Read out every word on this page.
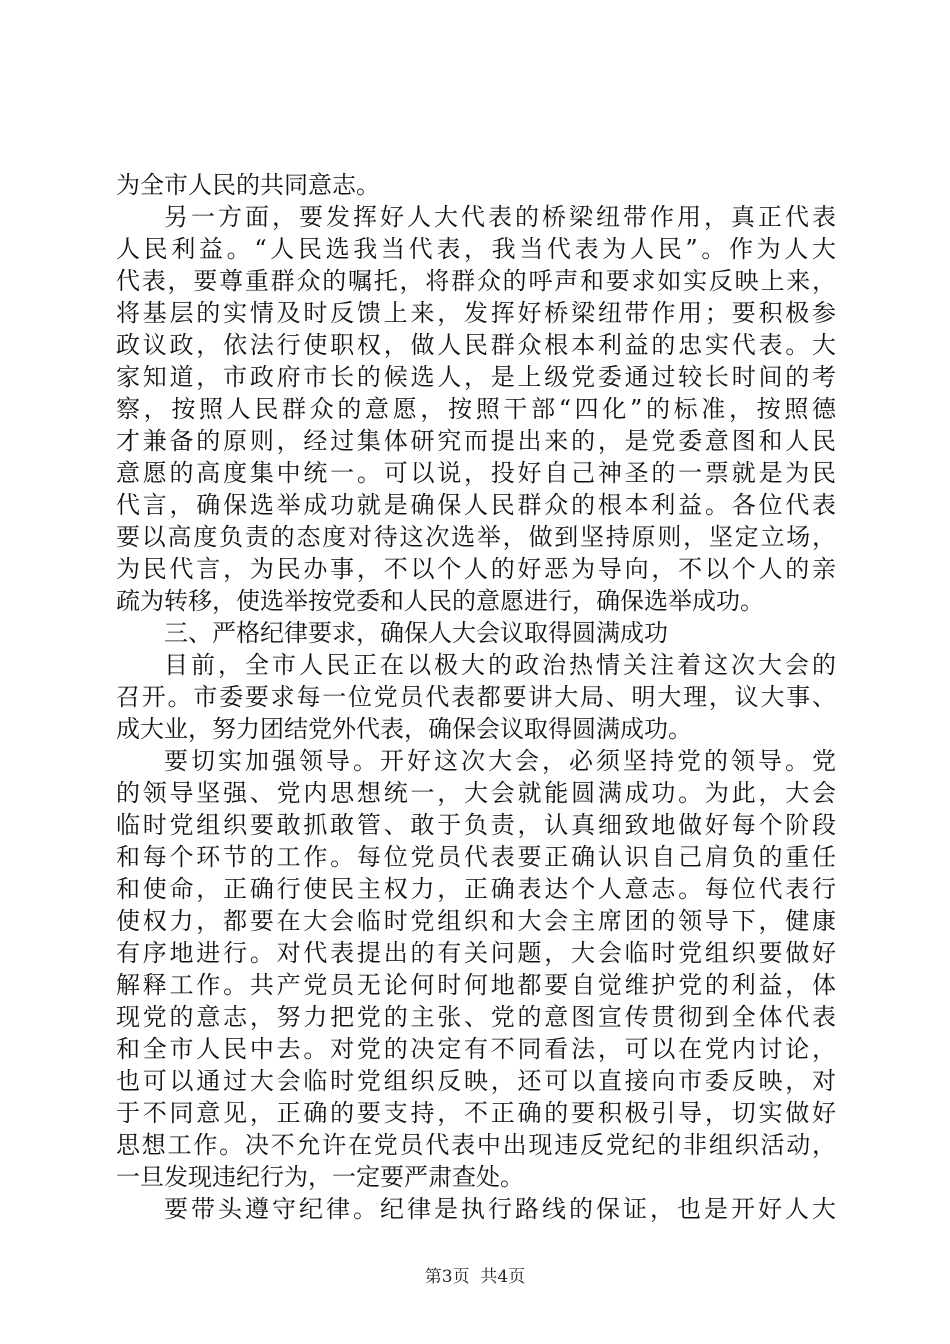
为全市人民的共同意志。
另一方面，要发挥好人大代表的桥梁纽带作用，真正代表
人民利益。“人民选我当代表，我当代表为人民”。作为人大
代表，要尊重群众的嘱托，将群众的呼声和要求如实反映上来，
将基层的实情及时反馈上来，发挥好桥梁纽带作用；要积极参
政议政，依法行使职权，做人民群众根本利益的忠实代表。大
家知道，市政府市长的候选人，是上级党委通过较长时间的考
察，按照人民群众的意愿，按照干部“四化”的标准，按照德
才兼备的原则，经过集体研究而提出来的，是党委意图和人民
意愿的高度集中统一。可以说，投好自己神圣的一票就是为民
代言，确保选举成功就是确保人民群众的根本利益。各位代表
要以高度负责的态度对待这次选举，做到坚持原则，坚定立场，
为民代言，为民办事，不以个人的好恶为导向，不以个人的亲
疏为转移，使选举按党委和人民的意愿进行，确保选举成功。
三、严格纪律要求，确保人大会议取得圆满成功
目前，全市人民正在以极大的政治热情关注着这次大会的
召开。市委要求每一位党员代表都要讲大局、明大理，议大事、
成大业，努力团结党外代表，确保会议取得圆满成功。
要切实加强领导。开好这次大会，必须坚持党的领导。党
的领导坚强、党内思想统一，大会就能圆满成功。为此，大会
临时党组织要敢抓敢管、敢于负责，认真细致地做好每个阶段
和每个环节的工作。每位党员代表要正确认识自己肩负的重任
和使命，正确行使民主权力，正确表达个人意志。每位代表行
使权力，都要在大会临时党组织和大会主席团的领导下，健康
有序地进行。对代表提出的有关问题，大会临时党组织要做好
解释工作。共产党员无论何时何地都要自觉维护党的利益，体
现党的意志，努力把党的主张、党的意图宣传贯彻到全体代表
和全市人民中去。对党的决定有不同看法，可以在党内讨论，
也可以通过大会临时党组织反映，还可以直接向市委反映，对
于不同意见，正确的要支持，不正确的要积极引导，切实做好
思想工作。决不允许在党员代表中出现违反党纪的非组织活动，
一旦发现违纪行为，一定要严肃查处。
要带头遵守纪律。纪律是执行路线的保证，也是开好人大
第3页  共4页
